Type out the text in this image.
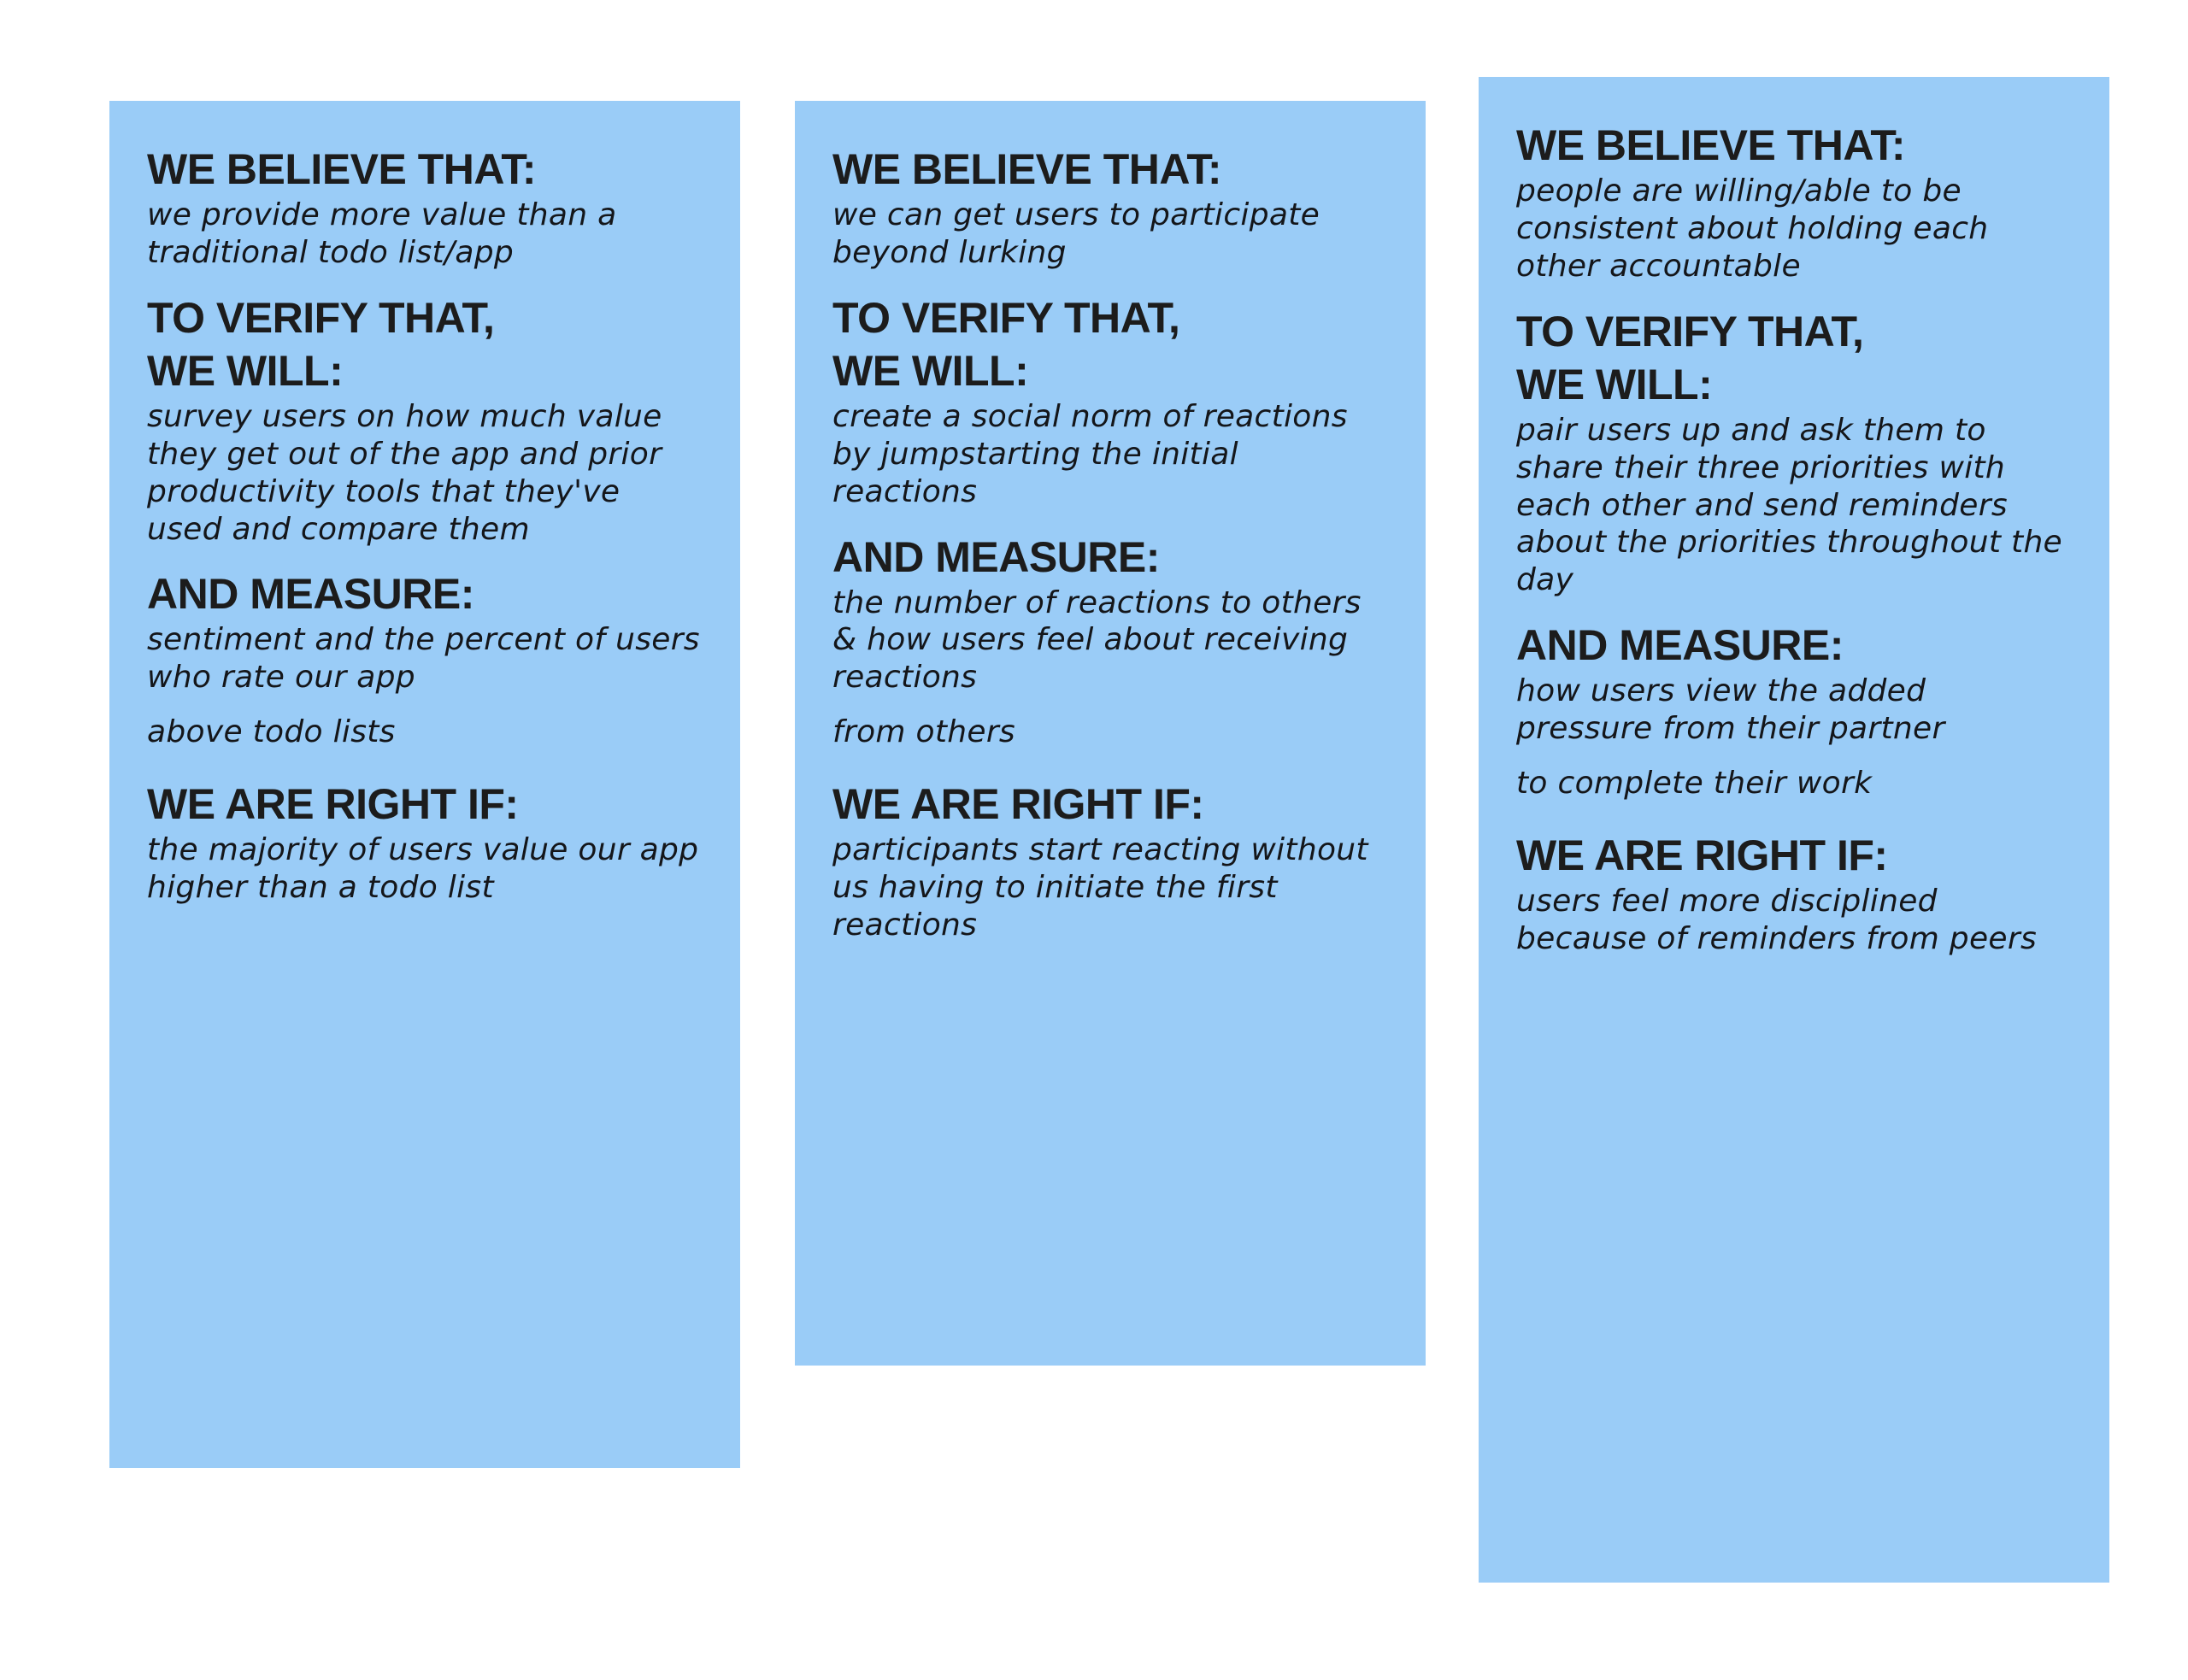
WE BELIEVE THAT:
we provide more value than a traditional todo list/app
TO VERIFY THAT,
WE WILL:
survey users on how much value they get out of the app and prior productivity tools that they've used and compare them
AND MEASURE:
sentiment and the percent of users who rate our app
above todo lists
WE ARE RIGHT IF:
the majority of users value our app higher than a todo list
WE BELIEVE THAT:
we can get users to participate beyond lurking
TO VERIFY THAT,
WE WILL:
create a social norm of reactions by jumpstarting the initial reactions
AND MEASURE:
the number of reactions to others & how users feel about receiving reactions
from others
WE ARE RIGHT IF:
participants start reacting without us having to initiate the first reactions
WE BELIEVE THAT:
people are willing/able to be consistent about holding each other accountable
TO VERIFY THAT,
WE WILL:
pair users up and ask them to share their three priorities with each other and send reminders about the priorities throughout the day
AND MEASURE:
how users view the added pressure from their partner
to complete their work
WE ARE RIGHT IF:
users feel more disciplined because of reminders from peers
